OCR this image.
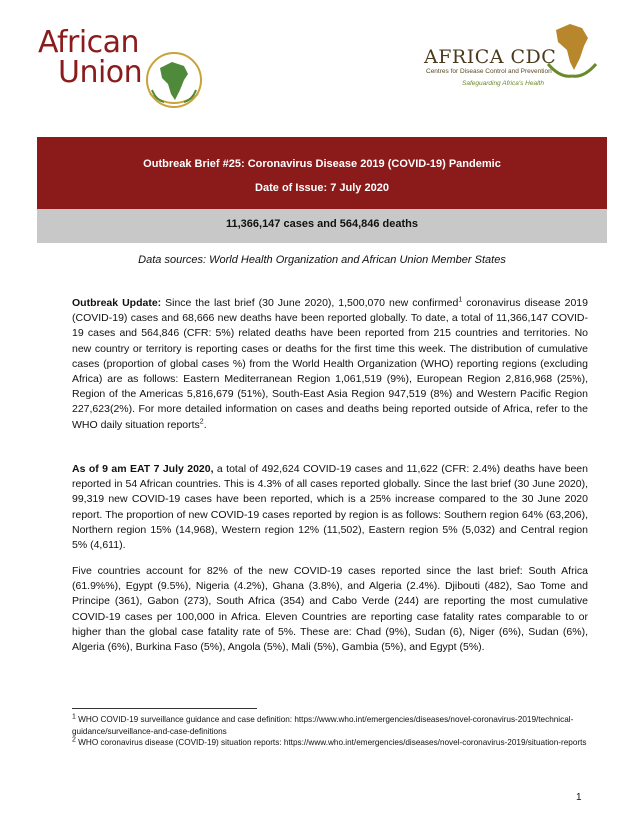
African
Union	AFRICA CDC
Centres for Disease Control and Prevention
Safeguarding Africa's Health
Outbreak Brief #25: Coronavirus Disease 2019 (COVID-19) Pandemic
Date of Issue: 7 July 2020
11,366,147 cases and 564,846 deaths
Data sources: World Health Organization and African Union Member States

Outbreak Update: Since the last brief (30 June 2020), 1,500,070 new confirmed$^1$ coronavirus disease 2019 (COVID-19) cases and 68,666 new deaths have been reported globally. To date, a total of 11,366,147 COVID-19 cases and 564,846 (CFR: 5%) related deaths have been reported from 215 countries and territories. No new country or territory is reporting cases or deaths for the first time this week. The distribution of cumulative cases (proportion of global cases %) from the World Health Organization (WHO) reporting regions (excluding Africa) are as follows: Eastern Mediterranean Region 1,061,519 (9%), European Region 2,816,968 (25%), Region of the Americas 5,816,679 (51%), South-East Asia Region 947,519 (8%) and Western Pacific Region 227,623(2%). For more detailed information on cases and deaths being reported outside of Africa, refer to the WHO daily situation reports$^2$.

As of 9 am EAT 7 July 2020, a total of 492,624 COVID-19 cases and 11,622 (CFR: 2.4%) deaths have been reported in 54 African countries. This is 4.3% of all cases reported globally. Since the last brief (30 June 2020), 99,319 new COVID-19 cases have been reported, which is a 25% increase compared to the 30 June 2020 report. The proportion of new COVID-19 cases reported by region is as follows: Southern region 64% (63,206), Northern region 15% (14,968), Western region 12% (11,502), Eastern region 5% (5,032) and Central region 5% (4,611).

Five countries account for 82% of the new COVID-19 cases reported since the last brief: South Africa (61.9%%), Egypt (9.5%), Nigeria (4.2%), Ghana (3.8%), and Algeria (2.4%). Djibouti (482), Sao Tome and Principe (361), Gabon (273), South Africa (354) and Cabo Verde (244) are reporting the most cumulative COVID-19 cases per 100,000 in Africa. Eleven Countries are reporting case fatality rates comparable to or higher than the global case fatality rate of 5%. These are: Chad (9%), Sudan (6), Niger (6%), Sudan (6%), Algeria (6%), Burkina Faso (5%), Angola (5%), Mali (5%), Gambia (5%), and Egypt (5%).

$^1$ WHO COVID-19 surveillance guidance and case definition: https://www.who.int/emergencies/diseases/novel-coronavirus-2019/technical-guidance/surveillance-and-case-definitions

$^2$ WHO coronavirus disease (COVID-19) situation reports: https://www.who.int/emergencies/diseases/novel-coronavirus-2019/situation-reports

1
